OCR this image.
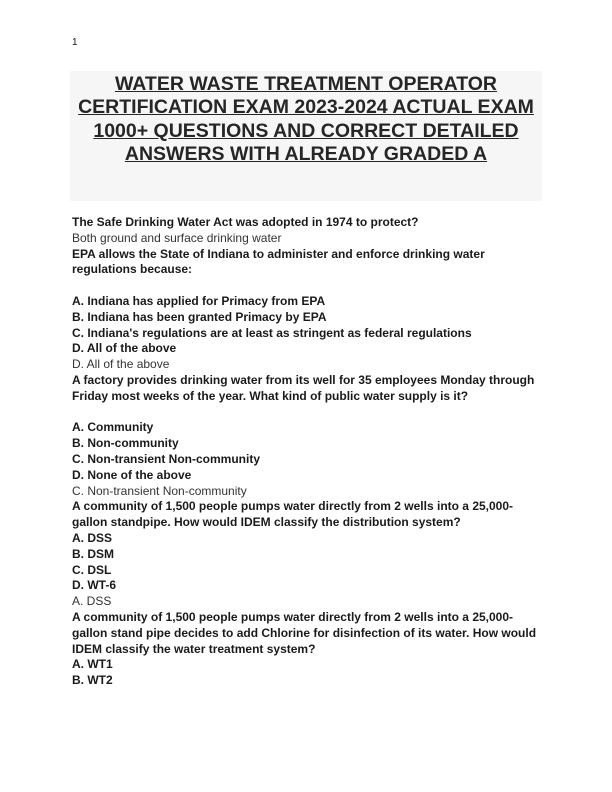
1
WATER WASTE TREATMENT OPERATOR CERTIFICATION EXAM 2023-2024 ACTUAL EXAM 1000+ QUESTIONS AND CORRECT DETAILED ANSWERS WITH ALREADY GRADED A

The Safe Drinking Water Act was adopted in 1974 to protect?

Both ground and surface drinking water

EPA allows the State of Indiana to administer and enforce drinking water regulations because:

A. Indiana has applied for Primacy from EPA

B. Indiana has been granted Primacy by EPA

C. Indiana's regulations are at least as stringent as federal regulations

D. All of the above

D. All of the above

A factory provides drinking water from its well for 35 employees Monday through Friday most weeks of the year. What kind of public water supply is it?

A. Community

B. Non-community

C. Non-transient Non-community

D. None of the above

C. Non-transient Non-community

A community of 1,500 people pumps water directly from 2 wells into a 25,000-gallon standpipe. How would IDEM classify the distribution system?

A. DSS

B. DSM

C. DSL

D. WT-6

A. DSS

A community of 1,500 people pumps water directly from 2 wells into a 25,000-gallon stand pipe decides to add Chlorine for disinfection of its water. How would IDEM classify the water treatment system?

A. WT1

B. WT2
